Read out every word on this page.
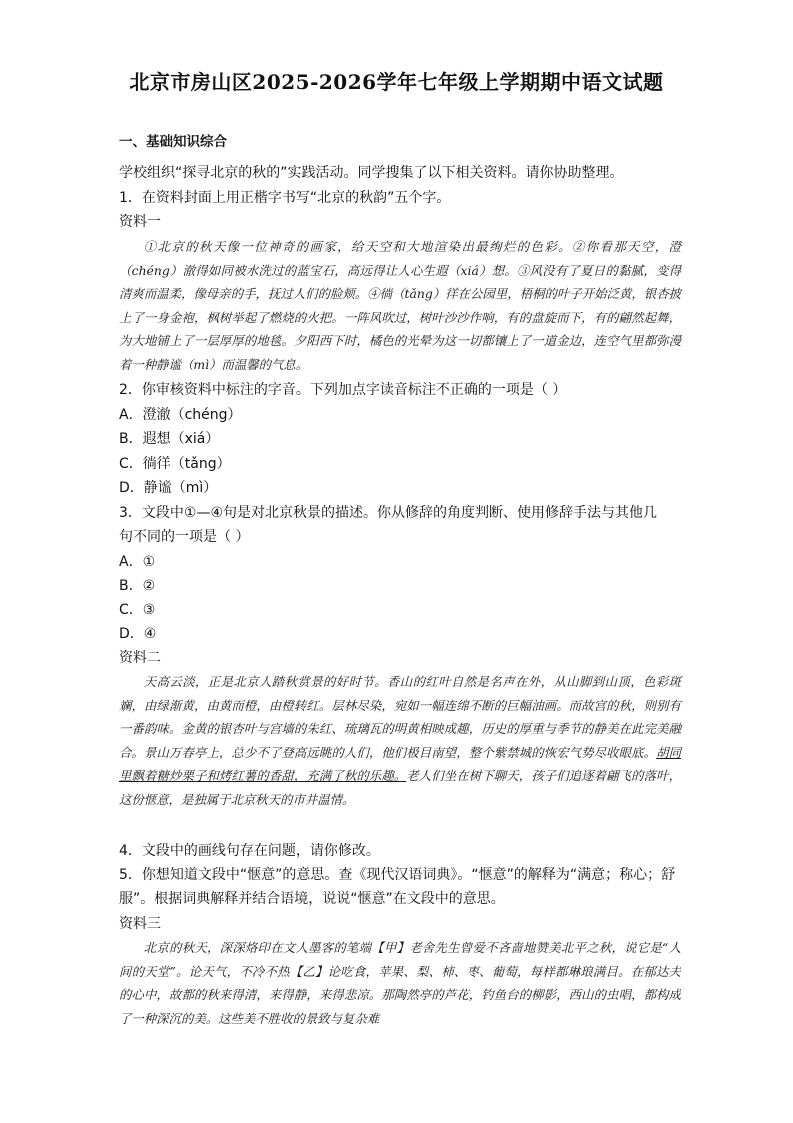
北京市房山区2025-2026学年七年级上学期期中语文试题
一、基础知识综合
学校组织“探寻北京的秋的”实践活动。同学搜集了以下相关资料。请你协助整理。
1．在资料封面上用正楷字书写“北京的秋韵”五个字。
资料一

①北京的秋天像一位神奇的画家，给天空和大地渲染出最绚烂的色彩。②你看那天空，澄（chéng）澈得如同被水洗过的蓝宝石，高远得让人心生遐（xiá）想。③风没有了夏日的黏腻，变得清爽而温柔，像母亲的手，抚过人们的脸颊。④徜（tǎng）徉在公园里，梧桐的叶子开始泛黄，银杏披上了一身金袍，枫树举起了燃烧的火把。一阵风吹过，树叶沙沙作响，有的盘旋而下，有的翩然起舞，为大地铺上了一层厚厚的地毯。夕阳西下时，橘色的光晕为这一切都镶上了一道金边，连空气里都弥漫着一种静谧（mì）而温馨的气息。

2．你审核资料中标注的字音。下列加点字读音标注不正确的一项是（ ）
A．澄澈（chéng）
B．遐想（xiá）
C．徜徉（tǎng）
D．静谧（mì）
3．文段中①—④句是对北京秋景的描述。你从修辞的角度判断、使用修辞手法与其他几
句不同的一项是（ ）
A．①
B．②
C．③
D．④
资料二

天高云淡，正是北京人踏秋赏景的好时节。香山的红叶自然是名声在外，从山脚到山顶，色彩斑斓，由绿渐黄，由黄而橙，由橙转红。层林尽染，宛如一幅连绵不断的巨幅油画。而故宫的秋，则别有一番韵味。金黄的银杏叶与宫墙的朱红、琉璃瓦的明黄相映成趣，历史的厚重与季节的静美在此完美融合。景山万春亭上，总少不了登高远眺的人们，他们极目南望，整个紫禁城的恢宏气势尽收眼底。胡同里飘着糖炒栗子和烤红薯的香甜，充满了秋的乐趣。老人们坐在树下聊天，孩子们追逐着翩飞的落叶，这份惬意，是独属于北京秋天的市井温情。

4．文段中的画线句存在问题，请你修改。
5．你想知道文段中“惬意”的意思。查《现代汉语词典》。“惬意”的解释为“满意；称心；舒
服”。根据词典解释并结合语境，说说“惬意”在文段中的意思。
资料三

北京的秋天，深深烙印在文人墨客的笔端【甲】老舍先生曾爱不吝啬地赞美北平之秋，说它是“人间的天堂”。论天气，不冷不热【乙】论吃食，苹果、梨、柿、枣、葡萄，每样都琳琅满目。在郁达夫的心中，故都的秋来得清，来得静，来得悲凉。那陶然亭的芦花，钓鱼台的柳影，西山的虫唱，都构成了一种深沉的美。这些美不胜收的景致与复杂难
